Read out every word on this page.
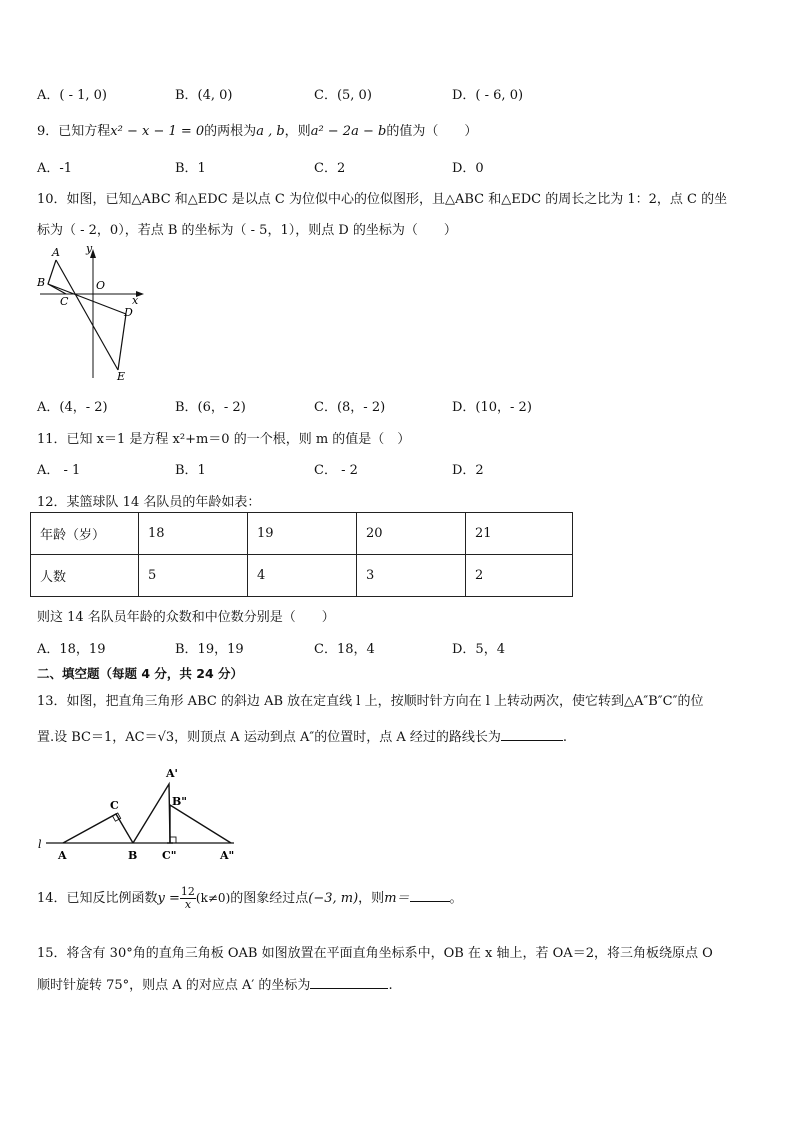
A．( - 1, 0)	B．(4, 0)	C．(5, 0)	D．( - 6, 0)
9．已知方程x² − x − 1 = 0的两根为a , b，则a² − 2a − b的值为（　　）
A．-1	B．1	C．2	D．0
10．如图，已知△ABC 和△EDC 是以点 C 为位似中心的位似图形，且△ABC 和△EDC 的周长之比为 1：2，点 C 的坐
标为（ - 2，0），若点 B 的坐标为（ - 5，1），则点 D 的坐标为（　　）
A y
B	O
C	x
D
E
A．(4，- 2)	B．(6，- 2)	C．(8，- 2)	D．(10，- 2)
11．已知 x＝1 是方程 x²+m＝0 的一个根，则 m 的值是（　）
A． - 1	B．1	C． - 2	D．2
12．某篮球队 14 名队员的年龄如表：
年龄（岁）	18	19	20	21
人数	5	4	3	2
则这 14 名队员年龄的众数和中位数分别是（　　）
A．18，19	B．19，19	C．18，4	D．5，4
二、填空题（每题 4 分，共 24 分）
13．如图，把直角三角形 ABC 的斜边 AB 放在定直线 l 上，按顺时针方向在 l 上转动两次，使它转到△A″B″C″的位
置.设 BC＝1，AC＝√3，则顶点 A 运动到点 A″的位置时，点 A 经过的路线长为	.
l
A	B
C
A'
B"
C"	A"
14．已知反比例函数$y = \frac{12}{x} (k\ne 0)$的图象经过点(−3, m)，则m＝	。
15．将含有 30°角的直角三角板 OAB 如图放置在平面直角坐标系中，OB 在 x 轴上，若 OA＝2，将三角板绕原点 O
顺时针旋转 75°，则点 A 的对应点 A′ 的坐标为	.
